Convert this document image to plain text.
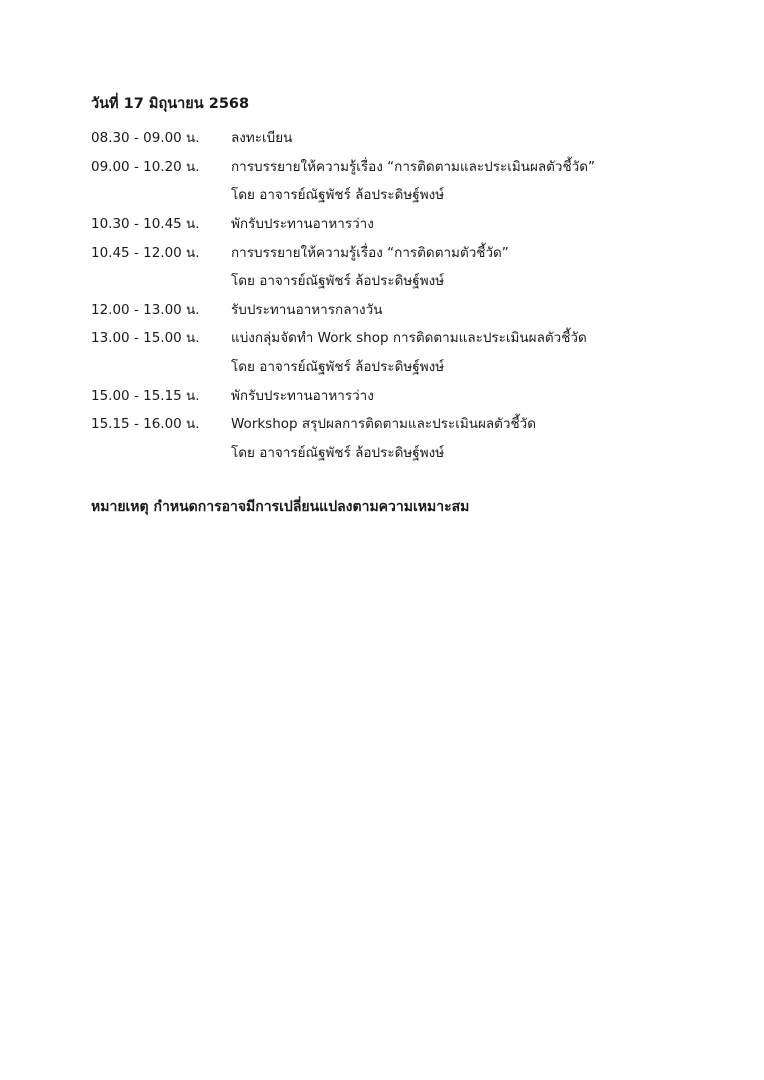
วันที่ 17 มิถุนายน 2568

08.30 - 09.00 น.	ลงทะเบียน
09.00 - 10.20 น.	การบรรยายให้ความรู้เรื่อง “การติดตามและประเมินผลตัวชี้วัด”
โดย อาจารย์ณัฐพัชร์ ล้อประดิษฐ์พงษ์
10.30 - 10.45 น.	พักรับประทานอาหารว่าง
10.45 - 12.00 น.	การบรรยายให้ความรู้เรื่อง “การติดตามตัวชี้วัด”
โดย อาจารย์ณัฐพัชร์ ล้อประดิษฐ์พงษ์
12.00 - 13.00 น.	รับประทานอาหารกลางวัน
13.00 - 15.00 น.	แบ่งกลุ่มจัดทำ Work shop การติดตามและประเมินผลตัวชี้วัด
โดย อาจารย์ณัฐพัชร์ ล้อประดิษฐ์พงษ์
15.00 - 15.15 น.	พักรับประทานอาหารว่าง
15.15 - 16.00 น.	Workshop สรุปผลการติดตามและประเมินผลตัวชี้วัด
โดย อาจารย์ณัฐพัชร์ ล้อประดิษฐ์พงษ์

หมายเหตุ กำหนดการอาจมีการเปลี่ยนแปลงตามความเหมาะสม
